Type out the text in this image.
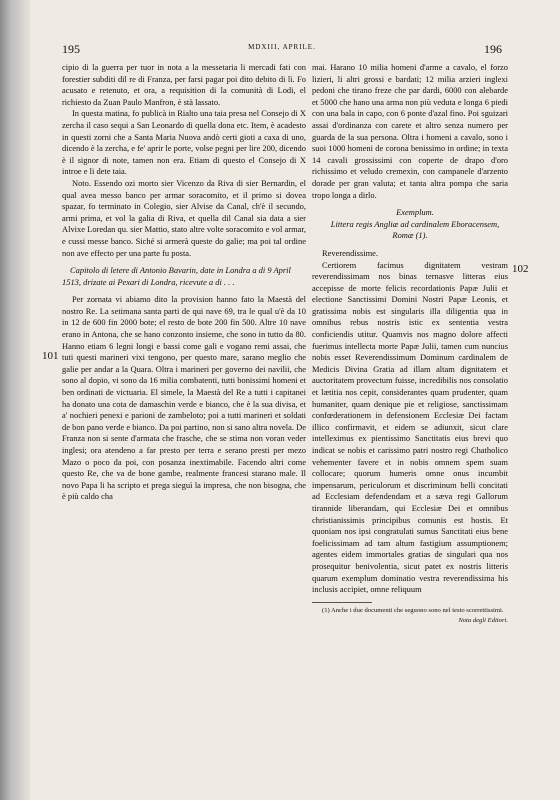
195	MDXIII, APRILE.	196

cipio di la guerra per tuor in nota a la messetaria li mercadi fati con forestier subditi dil re di Franza, per farsi pagar poi dito debito di lì. Fo acusato e retenuto, et ora, a requisition di la comunità di Lodi, el richiesto da Zuan Paulo Manfron, è stà lassato.

In questa matina, fo publicà in Rialto una taia presa nel Consejo di X zercha il caso sequi a San Leonardo di quella dona etc. Item, è acadesto in questi zorni che a Santa Maria Nuova andò certi gioti a caxa di uno, dicendo è la zercha, e fe' aprir le porte, volse pegni per lire 200, dicendo è il signor di note, tamen non era. Etiam di questo el Consejo di X introe e li dete taia.

Noto. Essendo ozi morto sier Vicenzo da Riva di sier Bernardin, el qual avea messo banco per armar soracomito, et il primo si dovea spazar, fo terminato in Colegio, sier Alvise da Canal, ch'è il secundo, armi prima, et vol la galia di Riva, et quella dil Canal sia data a sier Alvixe Loredan qu. sier Mattio, stato altre volte soracomito e vol armar, e cussi messe banco. Siché si armerà queste do galie; ma poi tal ordine non ave effecto per una parte fu posta.

Capitolo di letere di Antonio Bavarin, date in Londra a di 9 April 1513, drizate ai Pexari di Londra, ricevute a di . . .

Per zornata vi abiamo dito la provision hanno fato la Maestà del nostro Re. La setimana santa parti de qui nave 69, tra le qual u'è da 10 in 12 de 600 fin 2000 bote; el resto de bote 200 fin 500. Altre 10 nave erano in Antona, che se hano conzonto insieme, che sono in tutto da 80. Hanno etiam 6 legni longi e bassi come gali e vogano remi assai, che tuti questi marineri vixi tengono, per questo mare, sarano meglio che galie per andar a la Quara. Oltra i marineri per governo dei navilii, che sono al dopio, vi sono da 16 milia combatenti, tutti bonissimi homeni et ben ordinati de victuaria. El simele, la Maestà del Re a tutti i capitanei ha donato una cota de damaschin verde e bianco, che è la sua divisa, et a' nochieri penexi e parioni de zambeloto; poi a tutti marineri et soldati de bon pano verde e bianco. Da poi partino, non si sano altra novela. De Franza non si sente d'armata che frasche, che se stima non voran veder inglesi; ora atendeno a far presto per terra e serano presti per mezo Mazo o poco da poi, con posanza inextimabile. Facendo altri come questo Re, che va de bone gambe, realmente francesi starano male. Il novo Papa li ha scripto et prega sieguì la impresa, che non bisogna, che è più caldo cha

101

mai. Harano 10 milia homeni d'arme a cavalo, el forzo lizieri, li altri grossi e bardati; 12 milia arzieri inglexi pedoni che tirano freze che par dardi, 6000 con alebarde et 5000 che hano una arma non più veduta e longa 6 piedi con una bala in capo, con 6 ponte d'azal fino. Poi sguizari assai d'ordinanza con carete et altro senza numero per guarda de la sua persona. Oltra i homeni a cavalo, sono i suoi 1000 homeni de corona benissimo in ordine; in texta 14 cavali grossissimi con coperte de drapo d'oro richissimo et veludo cremexin, con campanele d'arzento dorade per gran valuta; et tanta altra pompa che saria tropo longa a dirlo.

Exemplum.

Littera regis Angliæ ad cardinalem Eboracensem, Romæ (1).

Reverendissime.

Certiorem facimus dignitatem vestram reverendissimam nos binas ternasve litteras eius accepisse de morte felicis recordationis Papæ Julii et electione Sanctissimi Domini Nostri Papæ Leonis, et gratissima nobis est singularis illa diligentia qua in omnibus rebus nostris istic ex sententia vestra conficiendis utitur. Quamvis nos magno dolore affecti fuerimus intellecta morte Papæ Julii, tamen cum nuncius nobis esset Reverendissimum Dominum cardinalem de Medicis Divina Gratia ad illam altam dignitatem et auctoritatem provectum fuisse, incredibilis nos consolatio et lætitia nos cepit, considerantes quam prudenter, quam humaniter, quam denique pie et religiose, sanctissimam confœderationem in defensionem Ecclesiæ Dei factam illico confirmavit, et eidem se adiunxit, sicut clare intelleximus ex pientissimo Sanctitatis eius brevi quo indicat se nobis et carissimo patri nostro regi Chatholico vehementer favere et in nobis omnem spem suam collocare; quorum humeris omne onus incumbit impensarum, periculorum et discriminum belli concitati ad Ecclesiam defendendam et a sæva regi Gallorum tirannide liberandam, qui Ecclesiæ Dei et omnibus christianissimis principibus comunis est hostis. Et quoniam nos ipsi congratulati sumus Sanctitati eius bene foelicissimam ad tam altum fastigium assumptionem; agentes eidem immortales gratias de singulari qua nos prosequitur benivolentia, sicut patet ex nostris litteris quarum exemplum dominatio vestra reverendissima his inclusis accipiet, omne reliquum

(1) Anche i due documenti che seguono sono nel testo scorrettissimi.

Nota degli Editori.

102
